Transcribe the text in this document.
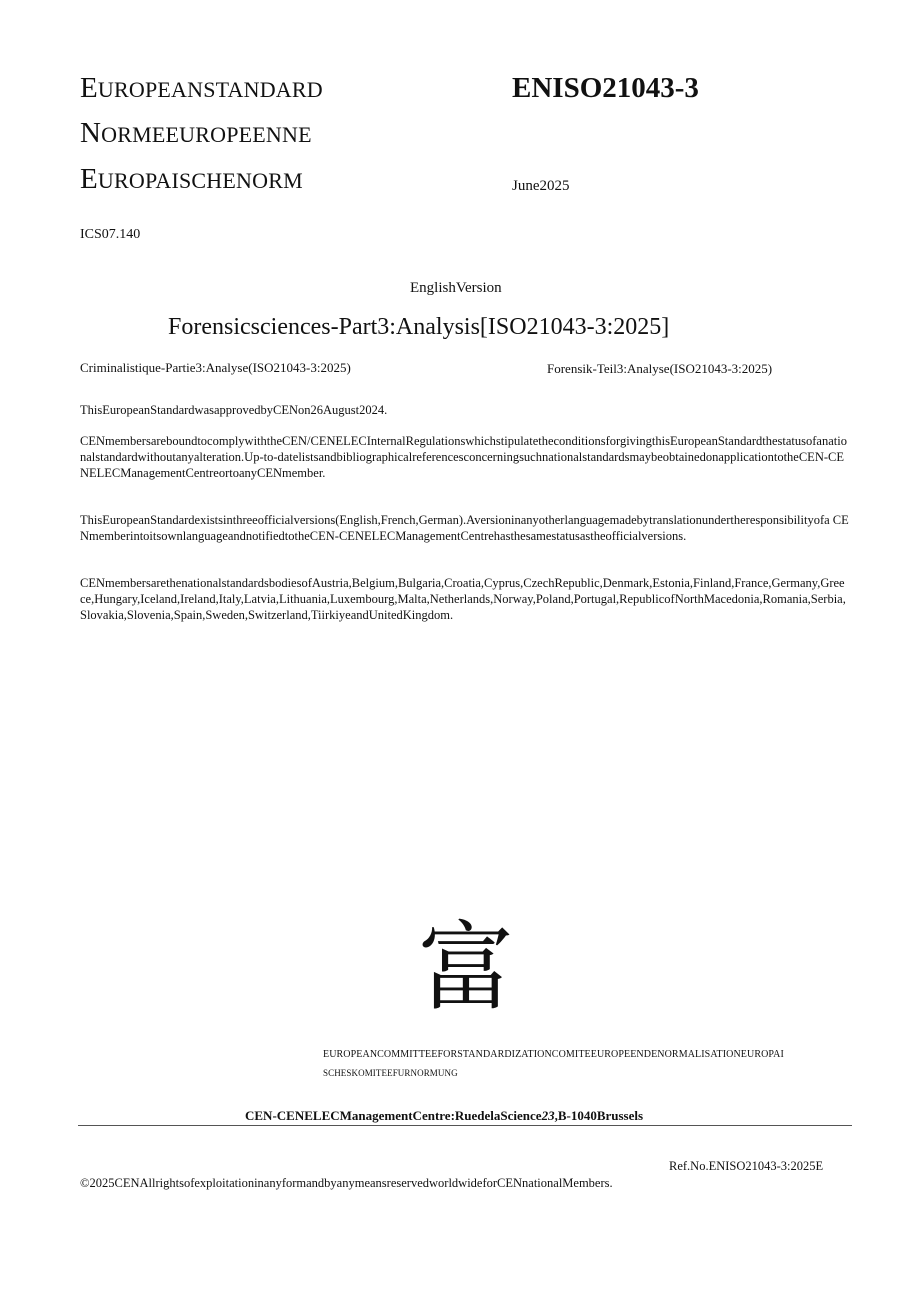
EUROPEANSTANDARD
NORMEEUROPEENNE
EUROPAISCHENORM
ENISO21043-3
June2025
ICS07.140
EnglishVersion
Forensicsciences-Part3:Analysis[ISO21043-3:2025]
Criminalistique-Partie3:Analyse(ISO21043-3:2025)	Forensik-Teil3:Analyse(ISO21043-3:2025)
ThisEuropeanStandardwasapprovedbyCENon26August2024.
CENmembersareboundtocomplywiththeCEN/CENELECInternalRegulationswhichstipulatetheconditionsforgivingthisEuropeanStandardthestatusofanationalstandardwithoutanyalteration.Up-to-datelistsandbibliographicalreferencesconcerningsuchnationalstandardsmaybeobtainedonapplicationtotheCEN-CENELECManagementCentreortoanyCENmember.
ThisEuropeanStandardexistsinthreeofficialversions(English,French,German).Aversioninanyotherlanguagemadebytranslationundertheresponsibilityofa CENmemberintoitsownlanguageandnotifiedtotheCEN-CENELECManagementCentrehasthesamestatusastheofficialversions.
CENmembersarethenationalstandardsbodiesofAustria,Belgium,Bulgaria,Croatia,Cyprus,CzechRepublic,Denmark,Estonia,Finland,France,Germany,Greece,Hungary,Iceland,Ireland,Italy,Latvia,Lithuania,Luxembourg,Malta,Netherlands,Norway,Poland,Portugal,RepublicofNorthMacedonia,Romania,Serbia,Slovakia,Slovenia,Spain,Sweden,Switzerland,TiirkiyeandUnitedKingdom.
富
EUROPEANCOMMITTEEFORSTANDARDIZATIONCOMITEEUROPEENDENORMALISATIONEUROPAI
SCHESKOMITEEFURNORMUNG
CEN-CENELECManagementCentre:RuedelaScience23,B-1040Brussels
Ref.No.ENISO21043-3:2025E
©2025CENAllrightsofexploitationinanyformandbyanymeansreservedworldwideforCENnationalMembers.
